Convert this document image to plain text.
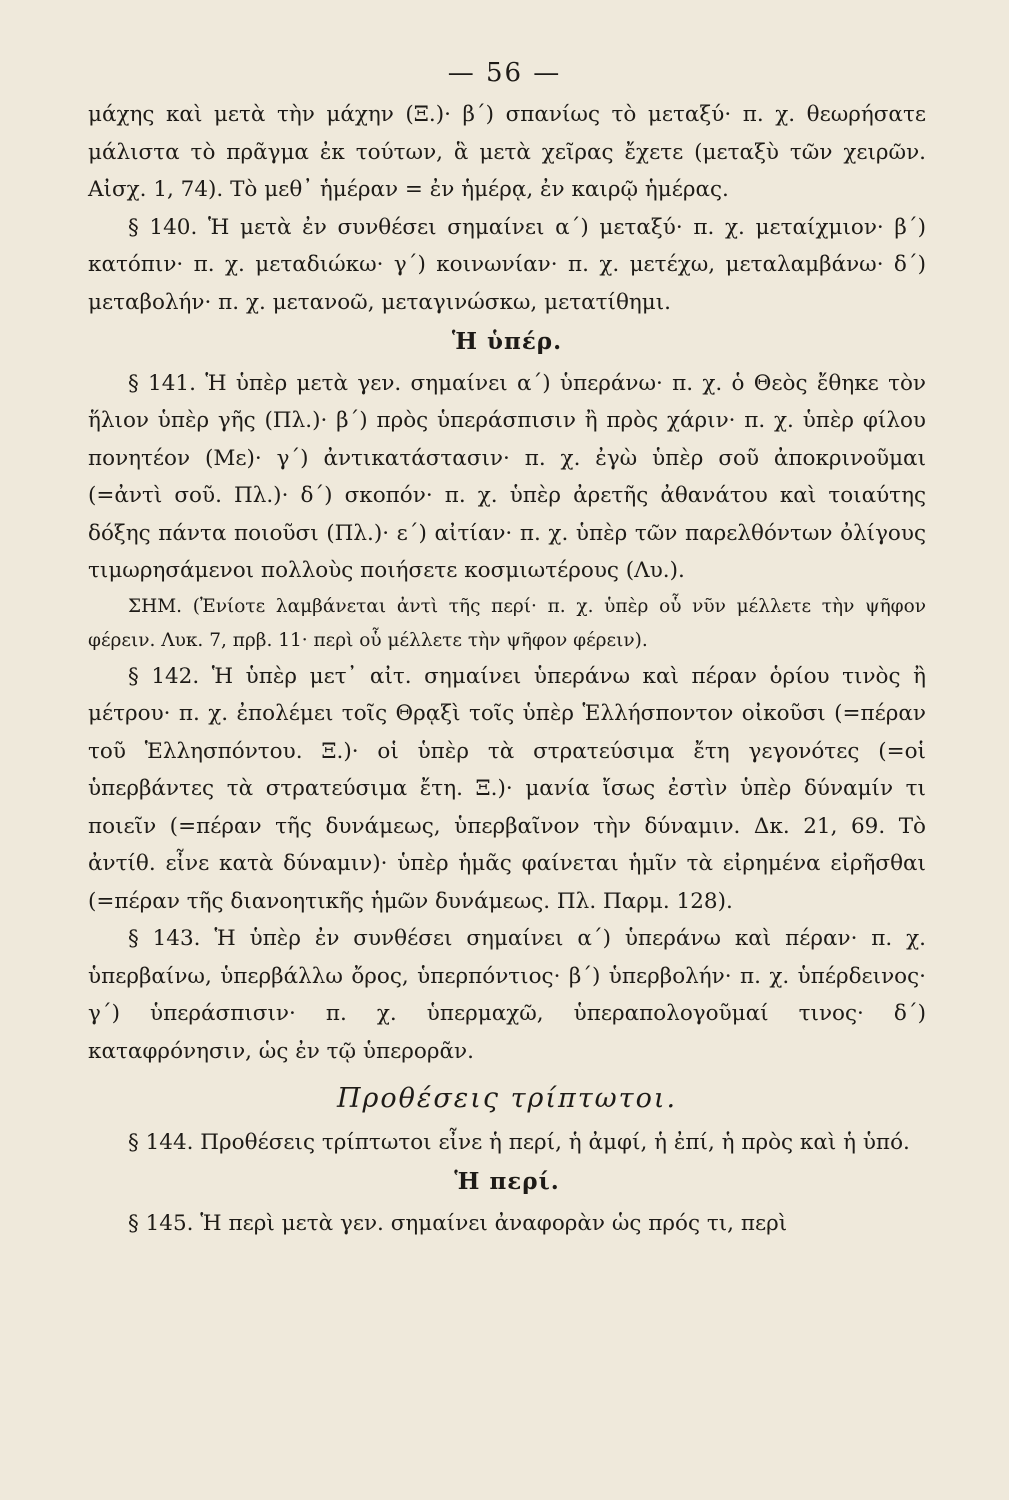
— 56 —

μάχης καὶ μετὰ τὴν μάχην (Ξ.)· β΄) σπανίως τὸ μεταξύ· π. χ. θεωρήσατε μάλιστα τὸ πρᾶγμα ἐκ τούτων, ἃ μετὰ χεῖρας ἔχετε (μεταξὺ τῶν χειρῶν. Αἰσχ. 1, 74). Τὸ μεθ᾽ ἡμέραν = ἐν ἡμέρᾳ, ἐν καιρῷ ἡμέρας.

§ 140. Ἡ μετὰ ἐν συνθέσει σημαίνει α΄) μεταξύ· π. χ. μεταίχμιον· β΄) κατόπιν· π. χ. μεταδιώκω· γ΄) κοινωνίαν· π. χ. μετέχω, μεταλαμβάνω· δ΄) μεταβολήν· π. χ. μετανοῶ, μεταγινώσκω, μετατίθημι.

Ἡ ὑπέρ.

§ 141. Ἡ ὑπὲρ μετὰ γεν. σημαίνει α΄) ὑπεράνω· π. χ. ὁ Θεὸς ἔθηκε τὸν ἥλιον ὑπὲρ γῆς (Πλ.)· β΄) πρὸς ὑπεράσπισιν ἢ πρὸς χάριν· π. χ. ὑπὲρ φίλου πονητέον (Με)· γ΄) ἀντικατάστασιν· π. χ. ἐγὼ ὑπὲρ σοῦ ἀποκρινοῦμαι (=ἀντὶ σοῦ. Πλ.)· δ΄) σκοπόν· π. χ. ὑπὲρ ἀρετῆς ἀθανάτου καὶ τοιαύτης δόξης πάντα ποιοῦσι (Πλ.)· ε΄) αἰτίαν· π. χ. ὑπὲρ τῶν παρελθόντων ὀλίγους τιμωρησάμενοι πολλοὺς ποιήσετε κοσμιωτέρους (Λυ.).

ΣΗΜ. (Ἐνίοτε λαμβάνεται ἀντὶ τῆς περί· π. χ. ὑπὲρ οὗ νῦν μέλλετε τὴν ψῆφον φέρειν. Λυκ. 7, πρβ. 11· περὶ οὗ μέλλετε τὴν ψῆφον φέρειν).

§ 142. Ἡ ὑπὲρ μετ᾽ αἰτ. σημαίνει ὑπεράνω καὶ πέραν ὁρίου τινὸς ἢ μέτρου· π. χ. ἐπολέμει τοῖς Θρᾳξὶ τοῖς ὑπὲρ Ἑλλήσποντον οἰκοῦσι (=πέραν τοῦ Ἑλλησπόντου. Ξ.)· οἱ ὑπὲρ τὰ στρατεύσιμα ἔτη γεγονότες (=οἱ ὑπερβάντες τὰ στρατεύσιμα ἔτη. Ξ.)· μανία ἴσως ἐστὶν ὑπὲρ δύναμίν τι ποιεῖν (=πέραν τῆς δυνάμεως, ὑπερβαῖνον τὴν δύναμιν. Δκ. 21, 69. Τὸ ἀντίθ. εἶνε κατὰ δύναμιν)· ὑπὲρ ἡμᾶς φαίνεται ἡμῖν τὰ εἰρημένα εἰρῆσθαι (=πέραν τῆς διανοητικῆς ἡμῶν δυνάμεως. Πλ. Παρμ. 128).

§ 143. Ἡ ὑπὲρ ἐν συνθέσει σημαίνει α΄) ὑπεράνω καὶ πέραν· π. χ. ὑπερβαίνω, ὑπερβάλλω ὄρος, ὑπερπόντιος· β΄) ὑπερβολήν· π. χ. ὑπέρδεινος· γ΄) ὑπεράσπισιν· π. χ. ὑπερμαχῶ, ὑπεραπολογοῦμαί τινος· δ΄) καταφρόνησιν, ὡς ἐν τῷ ὑπερορᾶν.

Προθέσεις τρίπτωτοι.

§ 144. Προθέσεις τρίπτωτοι εἶνε ἡ περί, ἡ ἀμφί, ἡ ἐπί, ἡ πρὸς καὶ ἡ ὑπό.

Ἡ περί.

§ 145. Ἡ περὶ μετὰ γεν. σημαίνει ἀναφορὰν ὡς πρός τι, περὶ
